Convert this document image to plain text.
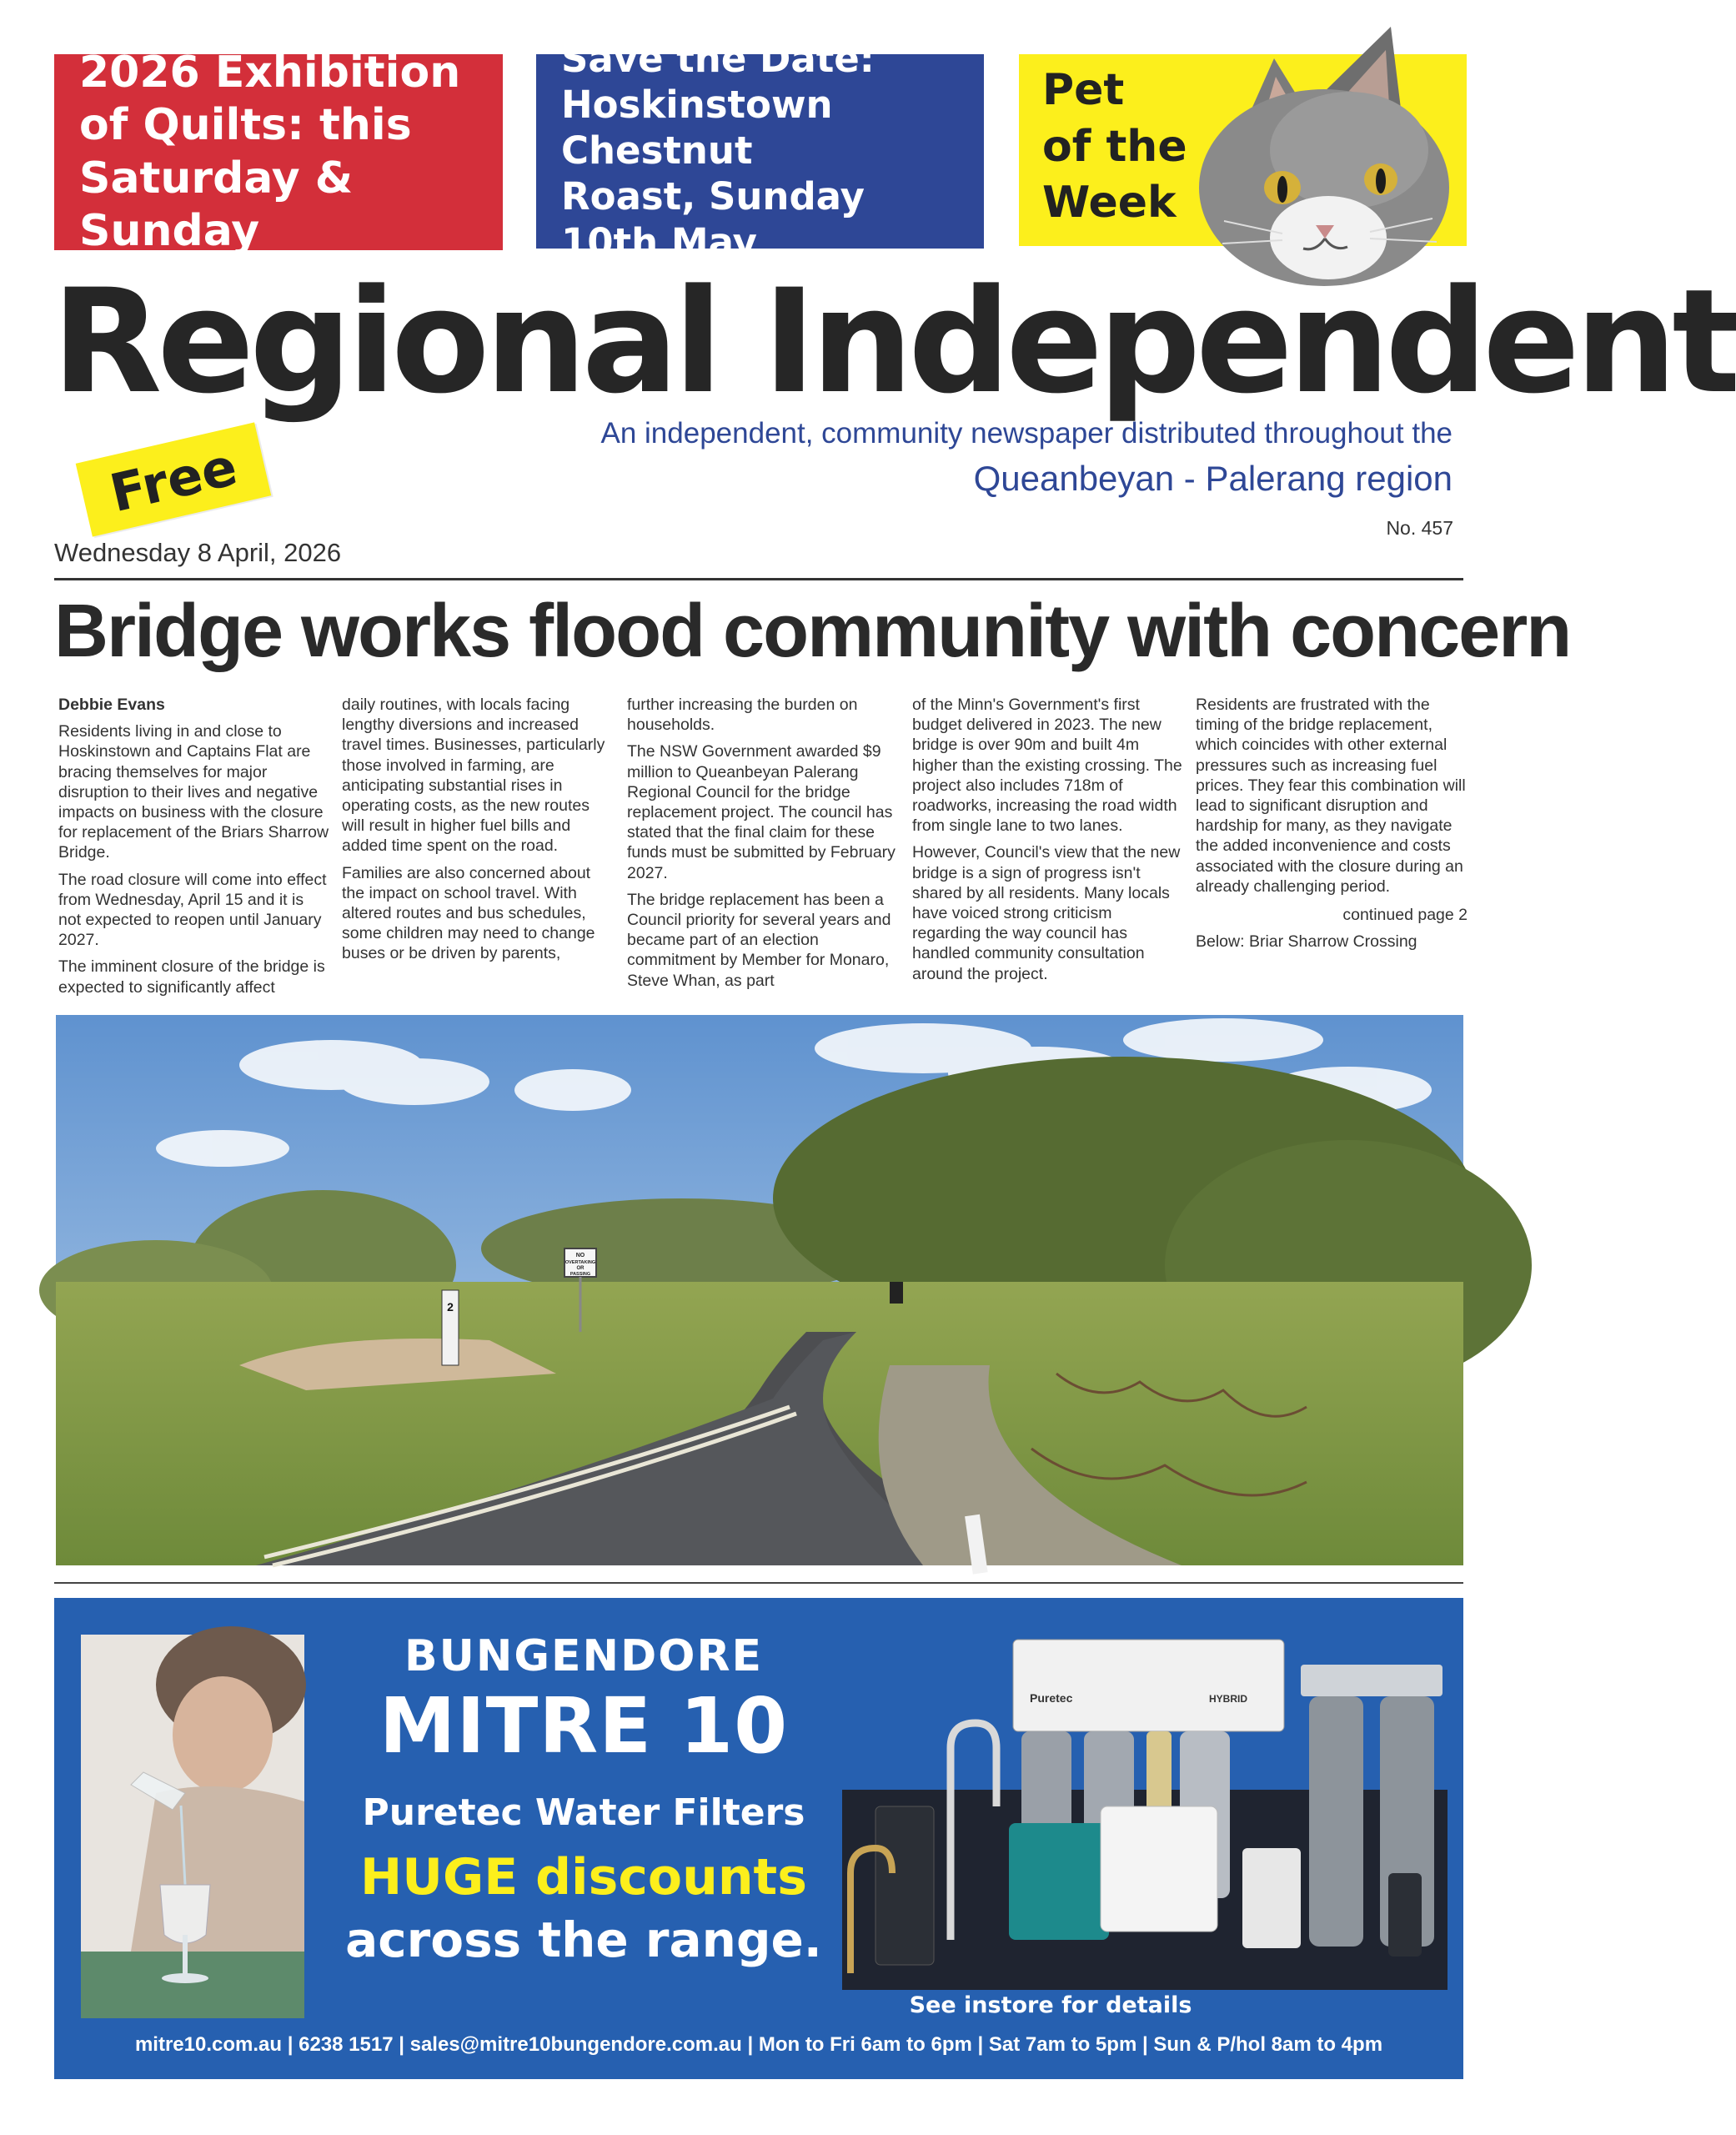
2026 Exhibition
of Quilts: this
Saturday & Sunday
Save the Date:
Hoskinstown Chestnut
Roast, Sunday 10th May
Pet
of the
Week
Regional Independent
An independent, community newspaper distributed throughout the
Queanbeyan - Palerang region
Free
No. 457
Wednesday 8 April, 2026
Bridge works flood community with concern
Debbie Evans

Residents living in and close to Hoskinstown and Captains Flat are bracing themselves for major disruption to their lives and negative impacts on business with the closure for replacement of the Briars Sharrow Bridge.

The road closure will come into effect from Wednesday, April 15 and it is not expected to reopen until January 2027.

The imminent closure of the bridge is expected to significantly affect

daily routines, with locals facing lengthy diversions and increased travel times. Businesses, particularly those involved in farming, are anticipating substantial rises in operating costs, as the new routes will result in higher fuel bills and added time spent on the road.

Families are also concerned about the impact on school travel. With altered routes and bus schedules, some children may need to change buses or be driven by parents,

further increasing the burden on households.

The NSW Government awarded $9 million to Queanbeyan Palerang Regional Council for the bridge replacement project. The council has stated that the final claim for these funds must be submitted by February 2027.

The bridge replacement has been a Council priority for several years and became part of an election commitment by Member for Monaro, Steve Whan, as part

of the Minn's Government's first budget delivered in 2023. The new bridge is over 90m and built 4m higher than the existing crossing. The project also includes 718m of roadworks, increasing the road width from single lane to two lanes.

However, Council's view that the new bridge is a sign of progress isn't shared by all residents. Many locals have voiced strong criticism regarding the way council has handled community consultation around the project.

Residents are frustrated with the timing of the bridge replacement, which coincides with other external pressures such as increasing fuel prices. They fear this combination will lead to significant disruption and hardship for many, as they navigate the added inconvenience and costs associated with the closure during an already challenging period.

continued page 2

Below: Briar Sharrow Crossing

NO
OVERTAKING
OR
PASSING
2
BUNGENDORE
MITRE 10
Puretec Water Filters
HUGE discounts
across the range.
Puretec	HYBRID
See instore for details
mitre10.com.au | 6238 1517 | sales@mitre10bungendore.com.au | Mon to Fri 6am to 6pm | Sat 7am to 5pm | Sun & P/hol 8am to 4pm
